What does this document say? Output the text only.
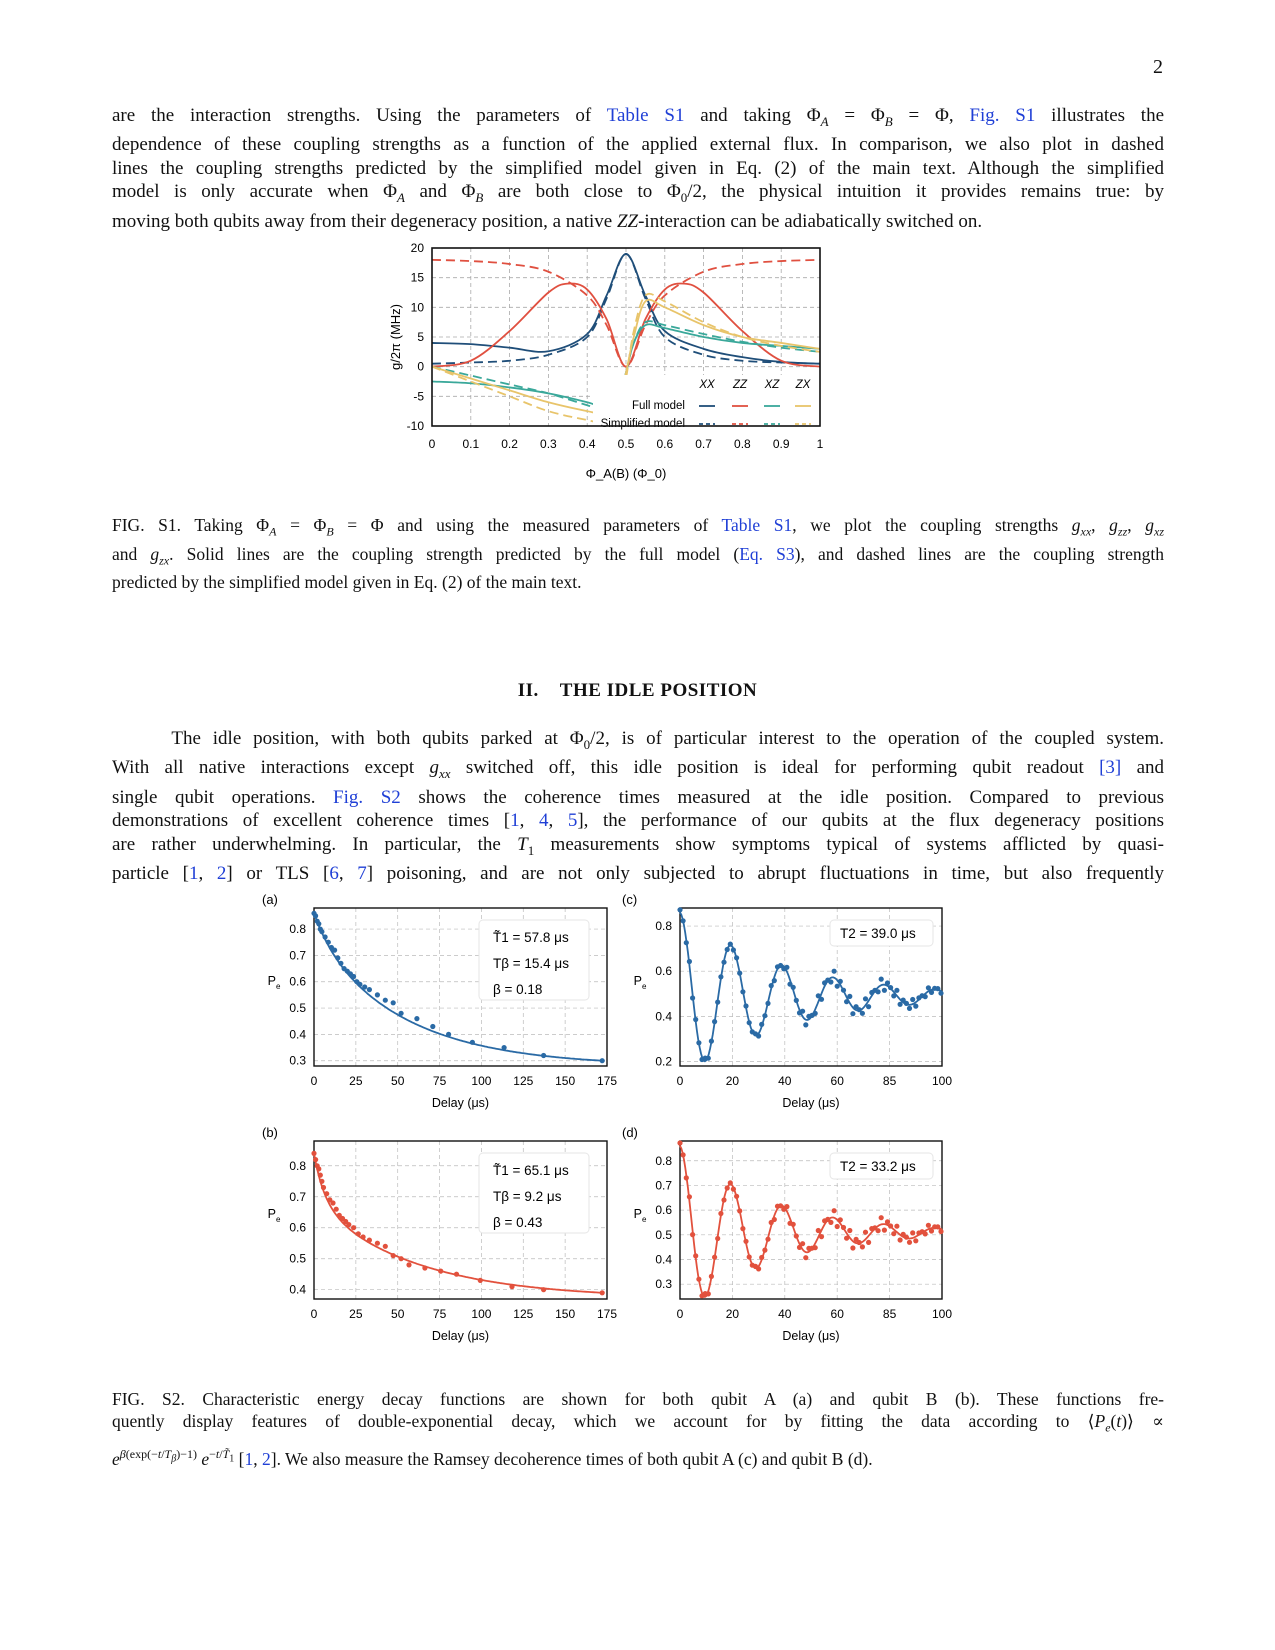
2

are the interaction strengths. Using the parameters of Table S1 and taking $\Phi_A = \Phi_B = \Phi$, Fig. S1 illustrates the
dependence of these coupling strengths as a function of the applied external flux. In comparison, we also plot in dashed
lines the coupling strengths predicted by the simplified model given in Eq. (2) of the main text. Although the simplified
model is only accurate when $\Phi_A$ and $\Phi_B$ are both close to $\Phi_0/2$, the physical intuition it provides remains true: by
moving both qubits away from their degeneracy position, a native ZZ-interaction can be adiabatically switched on.

XX ZZ XZ ZX
Full model
Simplified model
0 0.1 0.2 0.3 0.4 0.5 0.6 0.7 0.8 0.9 1
20
15
10
5
0
-5
-10
g/2π (MHz)
Φ_A(B) (Φ_0)

FIG. S1. Taking $\Phi_A = \Phi_B = \Phi$ and using the measured parameters of Table S1, we plot the coupling strengths $g_{xx}$, $g_{zz}$, $g_{xz}$
and $g_{zx}$. Solid lines are the coupling strength predicted by the full model (Eq. S3), and dashed lines are the coupling strength
predicted by the simplified model given in Eq. (2) of the main text.

II. THE IDLE POSITION

The idle position, with both qubits parked at $\Phi_0/2$, is of particular interest to the operation of the coupled system.
With all native interactions except $g_{xx}$ switched off, this idle position is ideal for performing qubit readout [3] and
single qubit operations. Fig. S2 shows the coherence times measured at the idle position. Compared to previous
demonstrations of excellent coherence times [1, 4, 5], the performance of our qubits at the flux degeneracy positions
are rather underwhelming. In particular, the $T_1$ measurements show symptoms typical of systems afflicted by quasi-
particle [1, 2] or TLS [6, 7] poisoning, and are not only subjected to abrupt fluctuations in time, but also frequently

(a)
0	25 50 75 100 125 150 175
0.8
0.7
0.6
0.5
0.4
0.3
Delay (μs)
$P_e$
T̃1 = 57.8 μs
Tβ = 15.4 μs
β = 0.18
(c)
0	20	40	60	85	100
0.8
0.6
0.4
0.2
Delay (μs)
$P_e$
T2 = 39.0 μs
(b)
0	25 50 75 100 125 150 175
0.8
0.7
0.6
0.5
0.4
Delay (μs)
$P_e$
T̃1 = 65.1 μs
Tβ = 9.2 μs
β = 0.43
(d)
0	20	40	60	85	100
0.8
0.7
0.6
0.5
0.4
0.3
Delay (μs)
$P_e$
T2 = 33.2 μs

FIG. S2. Characteristic energy decay functions are shown for both qubit A (a) and qubit B (b). These functions fre-
quently display features of double-exponential decay, which we account for by fitting the data according to $⟨P_e(t)⟩$ ∝
$e^{\beta(exp(-t/T_\beta)-1)}$ $e^{-t/T̃_1}$ [1, 2]. We also measure the Ramsey decoherence times of both qubit A (c) and qubit B (d).
